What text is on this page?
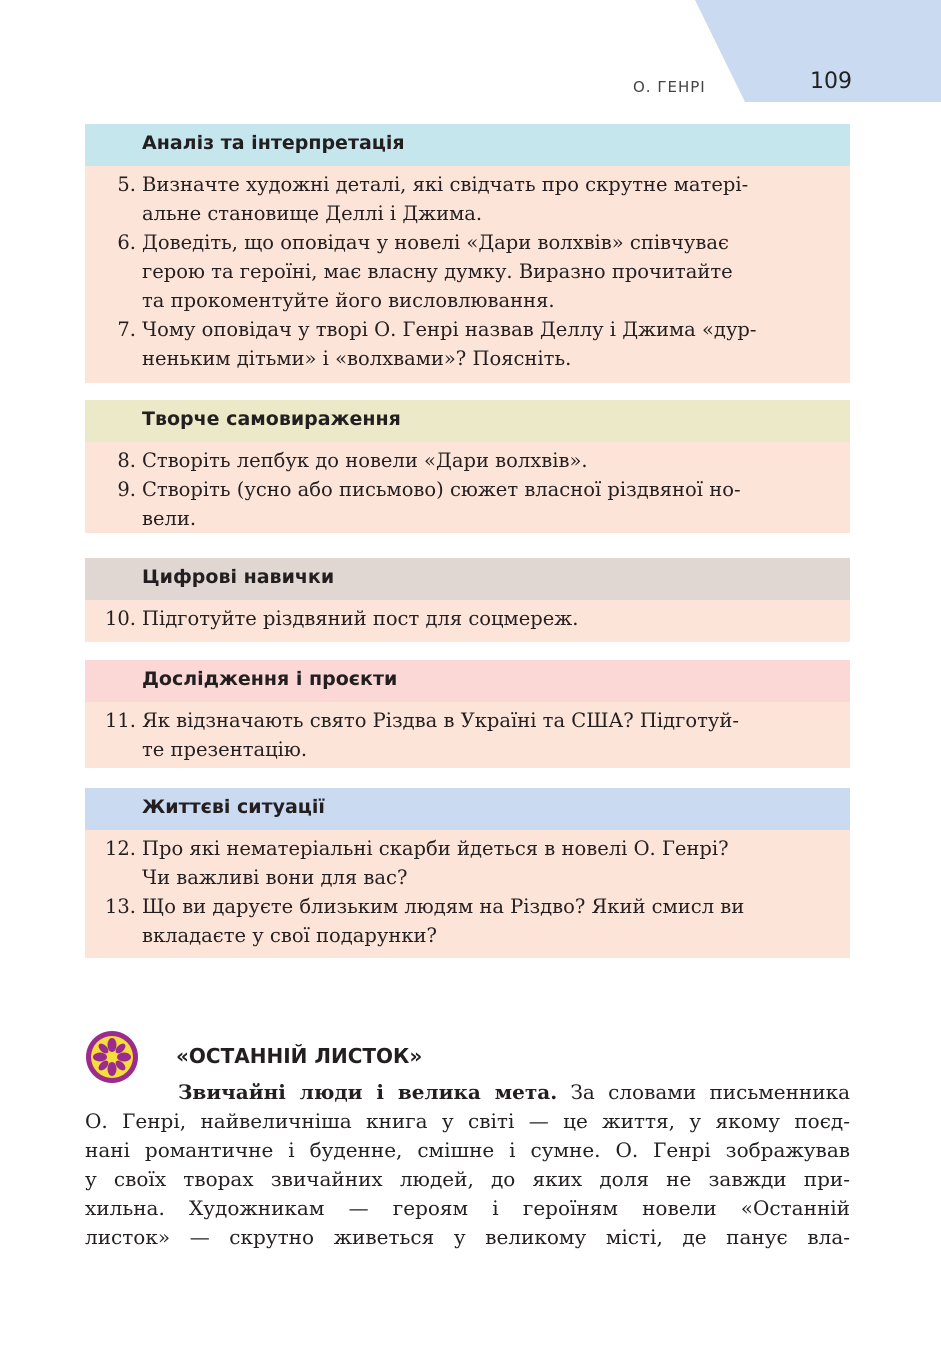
О. ГЕНРІ	109
Аналіз та інтерпретація
5. Визначте художні деталі, які свідчать про скрутне матері-
альне становище Деллі і Джима.
6. Доведіть, що оповідач у новелі «Дари волхвів» співчуває
герою та героїні, має власну думку. Виразно прочитайте
та прокоментуйте його висловлювання.
7. Чому оповідач у творі О. Генрі назвав Деллу і Джима «дур-
неньким дітьми» і «волхвами»? Поясніть.
Творче самовираження
8. Створіть лепбук до новели «Дари волхвів».
9. Створіть (усно або письмово) сюжет власної різдвяної но-
вели.
Цифрові навички
10. Підготуйте різдвяний пост для соцмереж.
Дослідження і проєкти
11. Як відзначають свято Різдва в Україні та США? Підготуй-
те презентацію.
Життєві ситуації
12. Про які нематеріальні скарби йдеться в новелі О. Генрі?
Чи важливі вони для вас?
13. Що ви даруєте близьким людям на Різдво? Який смисл ви
вкладаєте у свої подарунки?
«ОСТАННІЙ ЛИСТОК»
Звичайні люди і велика мета. За словами письменника
О. Генрі, найвеличніша книга у світі — це життя, у якому поєд-
нані романтичне і буденне, смішне і сумне. О. Генрі зображував
у своїх творах звичайних людей, до яких доля не завжди при-
хильна. Художникам — героям і героїням новели «Останній
листок» — скрутно живеться у великому місті, де панує вла-
